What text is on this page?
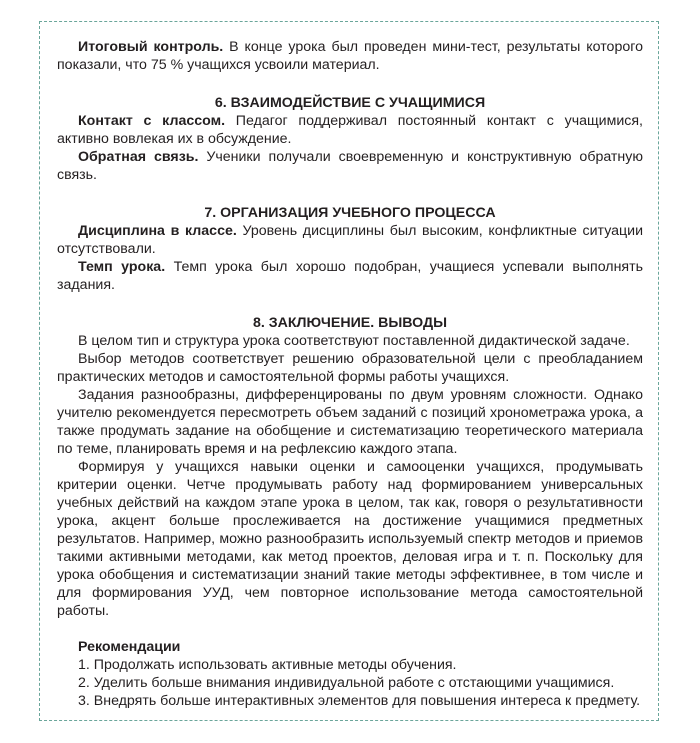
Итоговый контроль. В конце урока был проведен мини-тест, результаты которого показали, что 75 % учащихся усвоили материал.

6. ВЗАИМОДЕЙСТВИЕ С УЧАЩИМИСЯ

Контакт с классом. Педагог поддерживал постоянный контакт с учащимися, активно вовлекая их в обсуждение.

Обратная связь. Ученики получали своевременную и конструктивную обратную связь.

7. ОРГАНИЗАЦИЯ УЧЕБНОГО ПРОЦЕССА

Дисциплина в классе. Уровень дисциплины был высоким, конфликтные ситуации отсутствовали.

Темп урока. Темп урока был хорошо подобран, учащиеся успевали выполнять задания.

8. ЗАКЛЮЧЕНИЕ. ВЫВОДЫ

В целом тип и структура урока соответствуют поставленной дидактической задаче.

Выбор методов соответствует решению образовательной цели с преобладанием практических методов и самостоятельной формы работы учащихся.

Задания разнообразны, дифференцированы по двум уровням сложности. Однако учителю рекомендуется пересмотреть объем заданий с позиций хронометража урока, а также продумать задание на обобщение и систематизацию теоретического материала по теме, планировать время и на рефлексию каждого этапа.

Формируя у учащихся навыки оценки и самооценки учащихся, продумывать критерии оценки. Четче продумывать работу над формированием универсальных учебных действий на каждом этапе урока в целом, так как, говоря о результативности урока, акцент больше прослеживается на достижение учащимися предметных результатов. Например, можно разнообразить используемый спектр методов и приемов такими активными методами, как метод проектов, деловая игра и т. п. Поскольку для урока обобщения и систематизации знаний такие методы эффективнее, в том числе и для формирования УУД, чем повторное использование метода самостоятельной работы.

Рекомендации
1. Продолжать использовать активные методы обучения.
2. Уделить больше внимания индивидуальной работе с отстающими учащимися.
3. Внедрять больше интерактивных элементов для повышения интереса к предмету.
